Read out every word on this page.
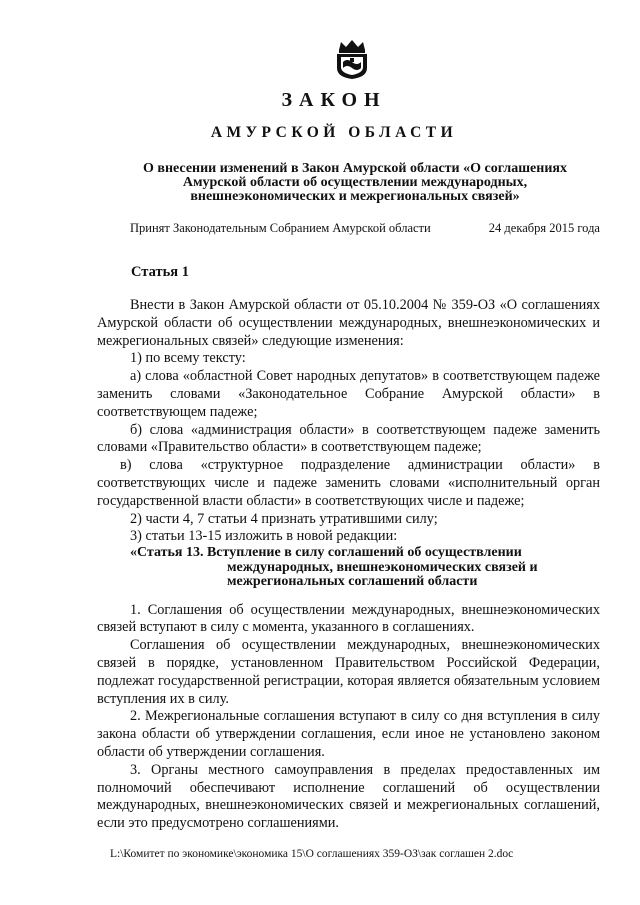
ЗАКОН
АМУРСКОЙ ОБЛАСТИ
О внесении изменений в Закон Амурской области «О соглашениях Амурской области об осуществлении международных, внешнеэкономических и межрегиональных связей»
Принят Законодательным Собранием Амурской области	24 декабря 2015 года
Статья 1

Внести в Закон Амурской области от 05.10.2004 № 359-ОЗ «О соглашениях Амурской области об осуществлении международных, внешнеэкономических и межрегиональных связей» следующие изменения:

1) по всему тексту:

а) слова «областной Совет народных депутатов» в соответствующем падеже заменить словами «Законодательное Собрание Амурской области» в соответствующем падеже;

б) слова «администрация области» в соответствующем падеже заменить словами «Правительство области» в соответствующем падеже;

в) слова «структурное подразделение администрации области» в соответствующих числе и падеже заменить словами «исполнительный орган государственной власти области» в соответствующих числе и падеже;

2) части 4, 7 статьи 4 признать утратившими силу;

3) статьи 13-15 изложить в новой редакции:

«Статья 13. Вступление в силу соглашений об осуществлении
международных, внешнеэкономических связей и межрегиональных соглашений области

1. Соглашения об осуществлении международных, внешнеэкономических связей вступают в силу с момента, указанного в соглашениях.

Соглашения об осуществлении международных, внешнеэкономических связей в порядке, установленном Правительством Российской Федерации, подлежат государственной регистрации, которая является обязательным условием вступления их в силу.

2. Межрегиональные соглашения вступают в силу со дня вступления в силу закона области об утверждении соглашения, если иное не установлено законом области об утверждении соглашения.

3. Органы местного самоуправления в пределах предоставленных им полномочий обеспечивают исполнение соглашений об осуществлении международных, внешнеэкономических связей и межрегиональных соглашений, если это предусмотрено соглашениями.

L:\Комитет по экономике\экономика 15\О соглашениях 359-ОЗ\зак соглашен 2.doc
